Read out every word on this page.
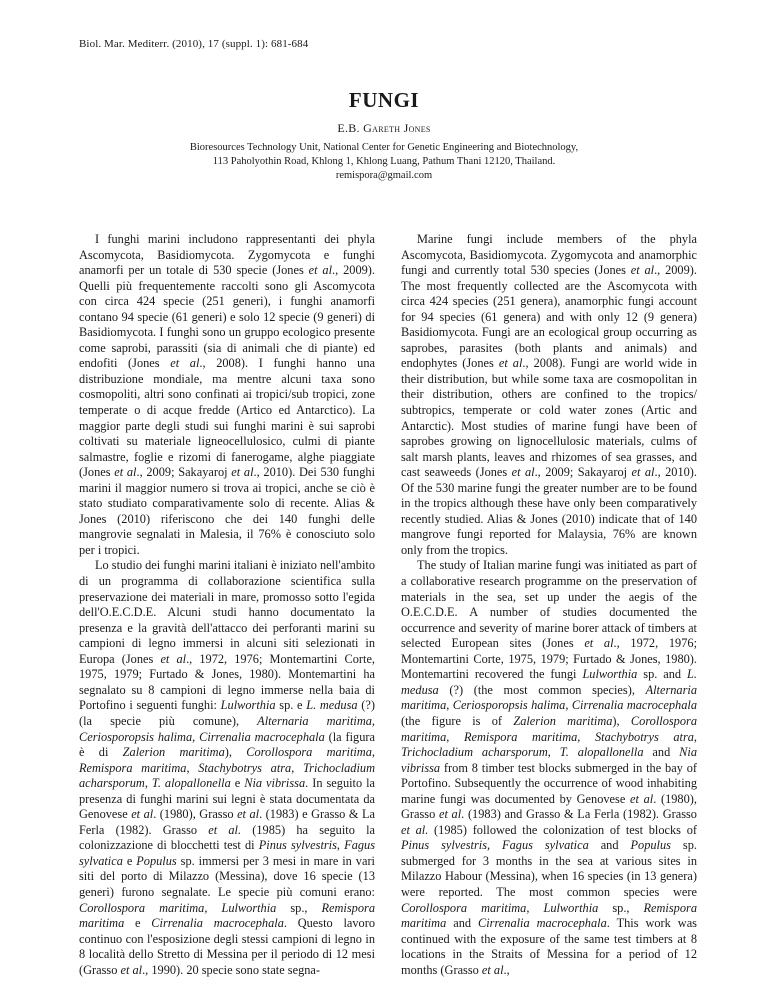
Biol. Mar. Mediterr. (2010), 17 (suppl. 1): 681-684
FUNGI
E.B. Gareth Jones
Bioresources Technology Unit, National Center for Genetic Engineering and Biotechnology,
113 Paholyothin Road, Khlong 1, Khlong Luang, Pathum Thani 12120, Thailand.
remispora@gmail.com

I funghi marini includono rappresentanti dei phyla Ascomycota, Basidiomycota. Zygomycota e funghi anamorfi per un totale di 530 specie (Jones et al., 2009). Quelli più frequentemente raccolti sono gli Ascomycota con circa 424 specie (251 generi), i funghi anamorfi contano 94 specie (61 generi) e solo 12 specie (9 generi) di Basidiomycota. I funghi sono un gruppo ecologico presente come saprobi, parassiti (sia di animali che di piante) ed endofiti (Jones et al., 2008). I funghi hanno una distribuzione mondiale, ma mentre alcuni taxa sono cosmopoliti, altri sono confinati ai tropici/sub tropici, zone temperate o di acque fredde (Artico ed Antarctico). La maggior parte degli studi sui funghi marini è sui saprobi coltivati su materiale ligneocellulosico, culmi di piante salmastre, foglie e rizomi di fanerogame, alghe piaggiate (Jones et al., 2009; Sakayaroj et al., 2010). Dei 530 funghi marini il maggior numero si trova ai tropici, anche se ciò è stato studiato comparativamente solo di recente. Alias & Jones (2010) riferiscono che dei 140 funghi delle mangrovie segnalati in Malesia, il 76% è conosciuto solo per i tropici.

Lo studio dei funghi marini italiani è iniziato nell'ambito di un programma di collaborazione scientifica sulla preservazione dei materiali in mare, promosso sotto l'egida dell'O.E.C.D.E. Alcuni studi hanno documentato la presenza e la gravità dell'attacco dei perforanti marini su campioni di legno immersi in alcuni siti selezionati in Europa (Jones et al., 1972, 1976; Montemartini Corte, 1975, 1979; Furtado & Jones, 1980). Montemartini ha segnalato su 8 campioni di legno immerse nella baia di Portofino i seguenti funghi: Lulworthia sp. e L. medusa (?) (la specie più comune), Alternaria maritima, Ceriosporopsis halima, Cirrenalia macrocephala (la figura è di Zalerion maritima), Corollospora maritima, Remispora maritima, Stachybotrys atra, Trichocladium acharsporum, T. alopallonella e Nia vibrissa. In seguito la presenza di funghi marini sui legni è stata documentata da Genovese et al. (1980), Grasso et al. (1983) e Grasso & La Ferla (1982). Grasso et al. (1985) ha seguito la colonizzazione di blocchetti test di Pinus sylvestris, Fagus sylvatica e Populus sp. immersi per 3 mesi in mare in vari siti del porto di Milazzo (Messina), dove 16 specie (13 generi) furono segnalate. Le specie più comuni erano: Corollospora maritima, Lulworthia sp., Remispora maritima e Cirrenalia macrocephala. Questo lavoro continuo con l'esposizione degli stessi campioni di legno in 8 località dello Stretto di Messina per il periodo di 12 mesi (Grasso et al., 1990). 20 specie sono state segna-

Marine fungi include members of the phyla Ascomycota, Basidiomycota. Zygomycota and anamorphic fungi and currently total 530 species (Jones et al., 2009). The most frequently collected are the Ascomycota with circa 424 species (251 genera), anamorphic fungi account for 94 species (61 genera) and with only 12 (9 genera) Basidiomycota. Fungi are an ecological group occurring as saprobes, parasites (both plants and animals) and endophytes (Jones et al., 2008). Fungi are world wide in their distribution, but while some taxa are cosmopolitan in their distribution, others are confined to the tropics/ subtropics, temperate or cold water zones (Artic and Antarctic). Most studies of marine fungi have been of saprobes growing on lignocellulosic materials, culms of salt marsh plants, leaves and rhizomes of sea grasses, and cast seaweeds (Jones et al., 2009; Sakayaroj et al., 2010). Of the 530 marine fungi the greater number are to be found in the tropics although these have only been comparatively recently studied. Alias & Jones (2010) indicate that of 140 mangrove fungi reported for Malaysia, 76% are known only from the tropics.

The study of Italian marine fungi was initiated as part of a collaborative research programme on the preservation of materials in the sea, set up under the aegis of the O.E.C.D.E. A number of studies documented the occurrence and severity of marine borer attack of timbers at selected European sites (Jones et al., 1972, 1976; Montemartini Corte, 1975, 1979; Furtado & Jones, 1980). Montemartini recovered the fungi Lulworthia sp. and L. medusa (?) (the most common species), Alternaria maritima, Ceriosporopsis halima, Cirrenalia macrocephala (the figure is of Zalerion maritima), Corollospora maritima, Remispora maritima, Stachybotrys atra, Trichocladium acharsporum, T. alopallonella and Nia vibrissa from 8 timber test blocks submerged in the bay of Portofino. Subsequently the occurrence of wood inhabiting marine fungi was documented by Genovese et al. (1980), Grasso et al. (1983) and Grasso & La Ferla (1982). Grasso et al. (1985) followed the colonization of test blocks of Pinus sylvestris, Fagus sylvatica and Populus sp. submerged for 3 months in the sea at various sites in Milazzo Habour (Messina), when 16 species (in 13 genera) were reported. The most common species were Corollospora maritima, Lulworthia sp., Remispora maritima and Cirrenalia macrocephala. This work was continued with the exposure of the same test timbers at 8 locations in the Straits of Messina for a period of 12 months (Grasso et al.,
